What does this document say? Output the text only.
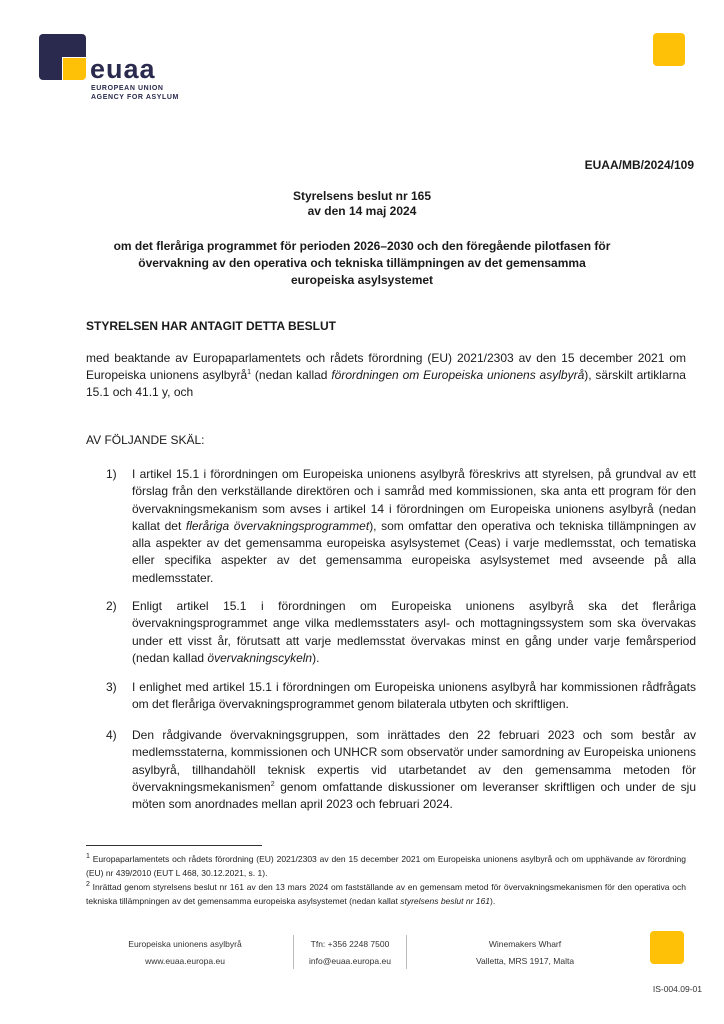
euaa
EUROPEAN UNION
AGENCY FOR ASYLUM
EUAA/MB/2024/109
Styrelsens beslut nr 165
av den 14 maj 2024
om det fleråriga programmet för perioden 2026–2030 och den föregående pilotfasen för övervakning av den operativa och tekniska tillämpningen av det gemensamma europeiska asylsystemet
STYRELSEN HAR ANTAGIT DETTA BESLUT
med beaktande av Europaparlamentets och rådets förordning (EU) 2021/2303 av den 15 december 2021 om Europeiska unionens asylbyrå$^1$ (nedan kallad förordningen om Europeiska unionens asylbyrå), särskilt artiklarna 15.1 och 41.1 y, och
AV FÖLJANDE SKÄL:
1)	I artikel 15.1 i förordningen om Europeiska unionens asylbyrå föreskrivs att styrelsen, på grundval av ett förslag från den verkställande direktören och i samråd med kommissionen, ska anta ett program för den övervakningsmekanism som avses i artikel 14 i förordningen om Europeiska unionens asylbyrå (nedan kallat det fleråriga övervakningsprogrammet), som omfattar den operativa och tekniska tillämpningen av alla aspekter av det gemensamma europeiska asylsystemet (Ceas) i varje medlemsstat, och tematiska eller specifika aspekter av det gemensamma europeiska asylsystemet med avseende på alla medlemsstater.
2)	Enligt artikel 15.1 i förordningen om Europeiska unionens asylbyrå ska det fleråriga övervakningsprogrammet ange vilka medlemsstaters asyl- och mottagningssystem som ska övervakas under ett visst år, förutsatt att varje medlemsstat övervakas minst en gång under varje femårsperiod (nedan kallad övervakningscykeln).
3)	I enlighet med artikel 15.1 i förordningen om Europeiska unionens asylbyrå har kommissionen rådfrågats om det fleråriga övervakningsprogrammet genom bilaterala utbyten och skriftligen.
4)	Den rådgivande övervakningsgruppen, som inrättades den 22 februari 2023 och som består av medlemsstaterna, kommissionen och UNHCR som observatör under samordning av Europeiska unionens asylbyrå, tillhandahöll teknisk expertis vid utarbetandet av den gemensamma metoden för övervakningsmekanismen$^2$ genom omfattande diskussioner om leveranser skriftligen och under de sju möten som anordnades mellan april 2023 och februari 2024.
$^1$ Europaparlamentets och rådets förordning (EU) 2021/2303 av den 15 december 2021 om Europeiska unionens asylbyrå och om upphävande av förordning (EU) nr 439/2010 (EUT L 468, 30.12.2021, s. 1).
$^2$ Inrättad genom styrelsens beslut nr 161 av den 13 mars 2024 om fastställande av en gemensam metod för övervakningsmekanismen för den operativa och tekniska tillämpningen av det gemensamma europeiska asylsystemet (nedan kallat styrelsens beslut nr 161).
Europeiska unionens asylbyrå
www.euaa.europa.eu
Tfn: +356 2248 7500
info@euaa.europa.eu
Winemakers Wharf
Valletta, MRS 1917, Malta
IS-004.09-01
